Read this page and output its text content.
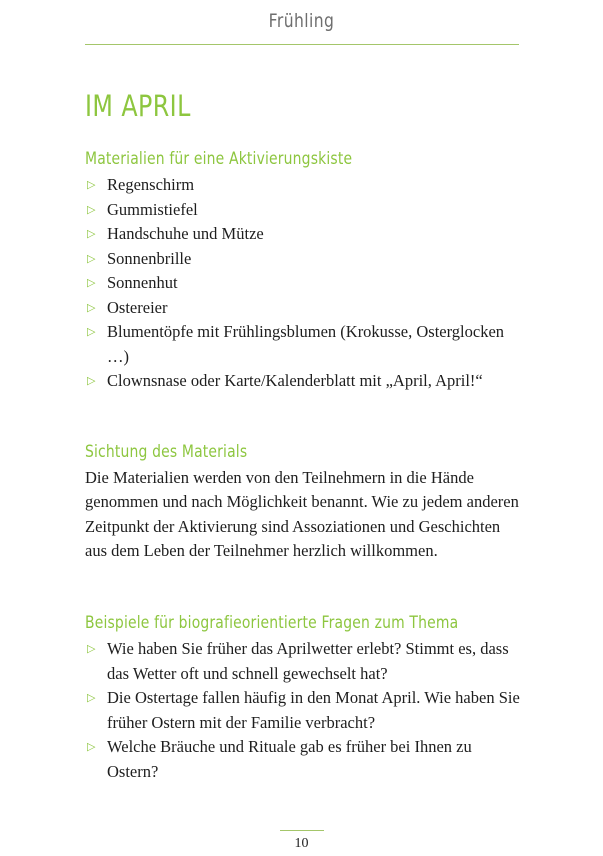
Frühling
IM APRIL
Materialien für eine Aktivierungskiste
▷ Regenschirm
▷ Gummistiefel
▷ Handschuhe und Mütze
▷ Sonnenbrille
▷ Sonnenhut
▷ Ostereier
▷ Blumentöpfe mit Frühlingsblumen (Krokusse, Osterglocken …)
▷ Clownsnase oder Karte/Kalenderblatt mit „April, April!“
Sichtung des Materials

Die Materialien werden von den Teilnehmern in die Hände genommen und nach Möglichkeit benannt. Wie zu jedem anderen Zeitpunkt der Aktivierung sind Assoziationen und Geschichten aus dem Leben der Teilnehmer herzlich willkommen.

Beispiele für biografieorientierte Fragen zum Thema
▷ Wie haben Sie früher das Aprilwetter erlebt? Stimmt es, dass das Wetter oft und schnell gewechselt hat?
▷ Die Ostertage fallen häufig in den Monat April. Wie haben Sie früher Ostern mit der Familie verbracht?
▷ Welche Bräuche und Rituale gab es früher bei Ihnen zu Ostern?
10
